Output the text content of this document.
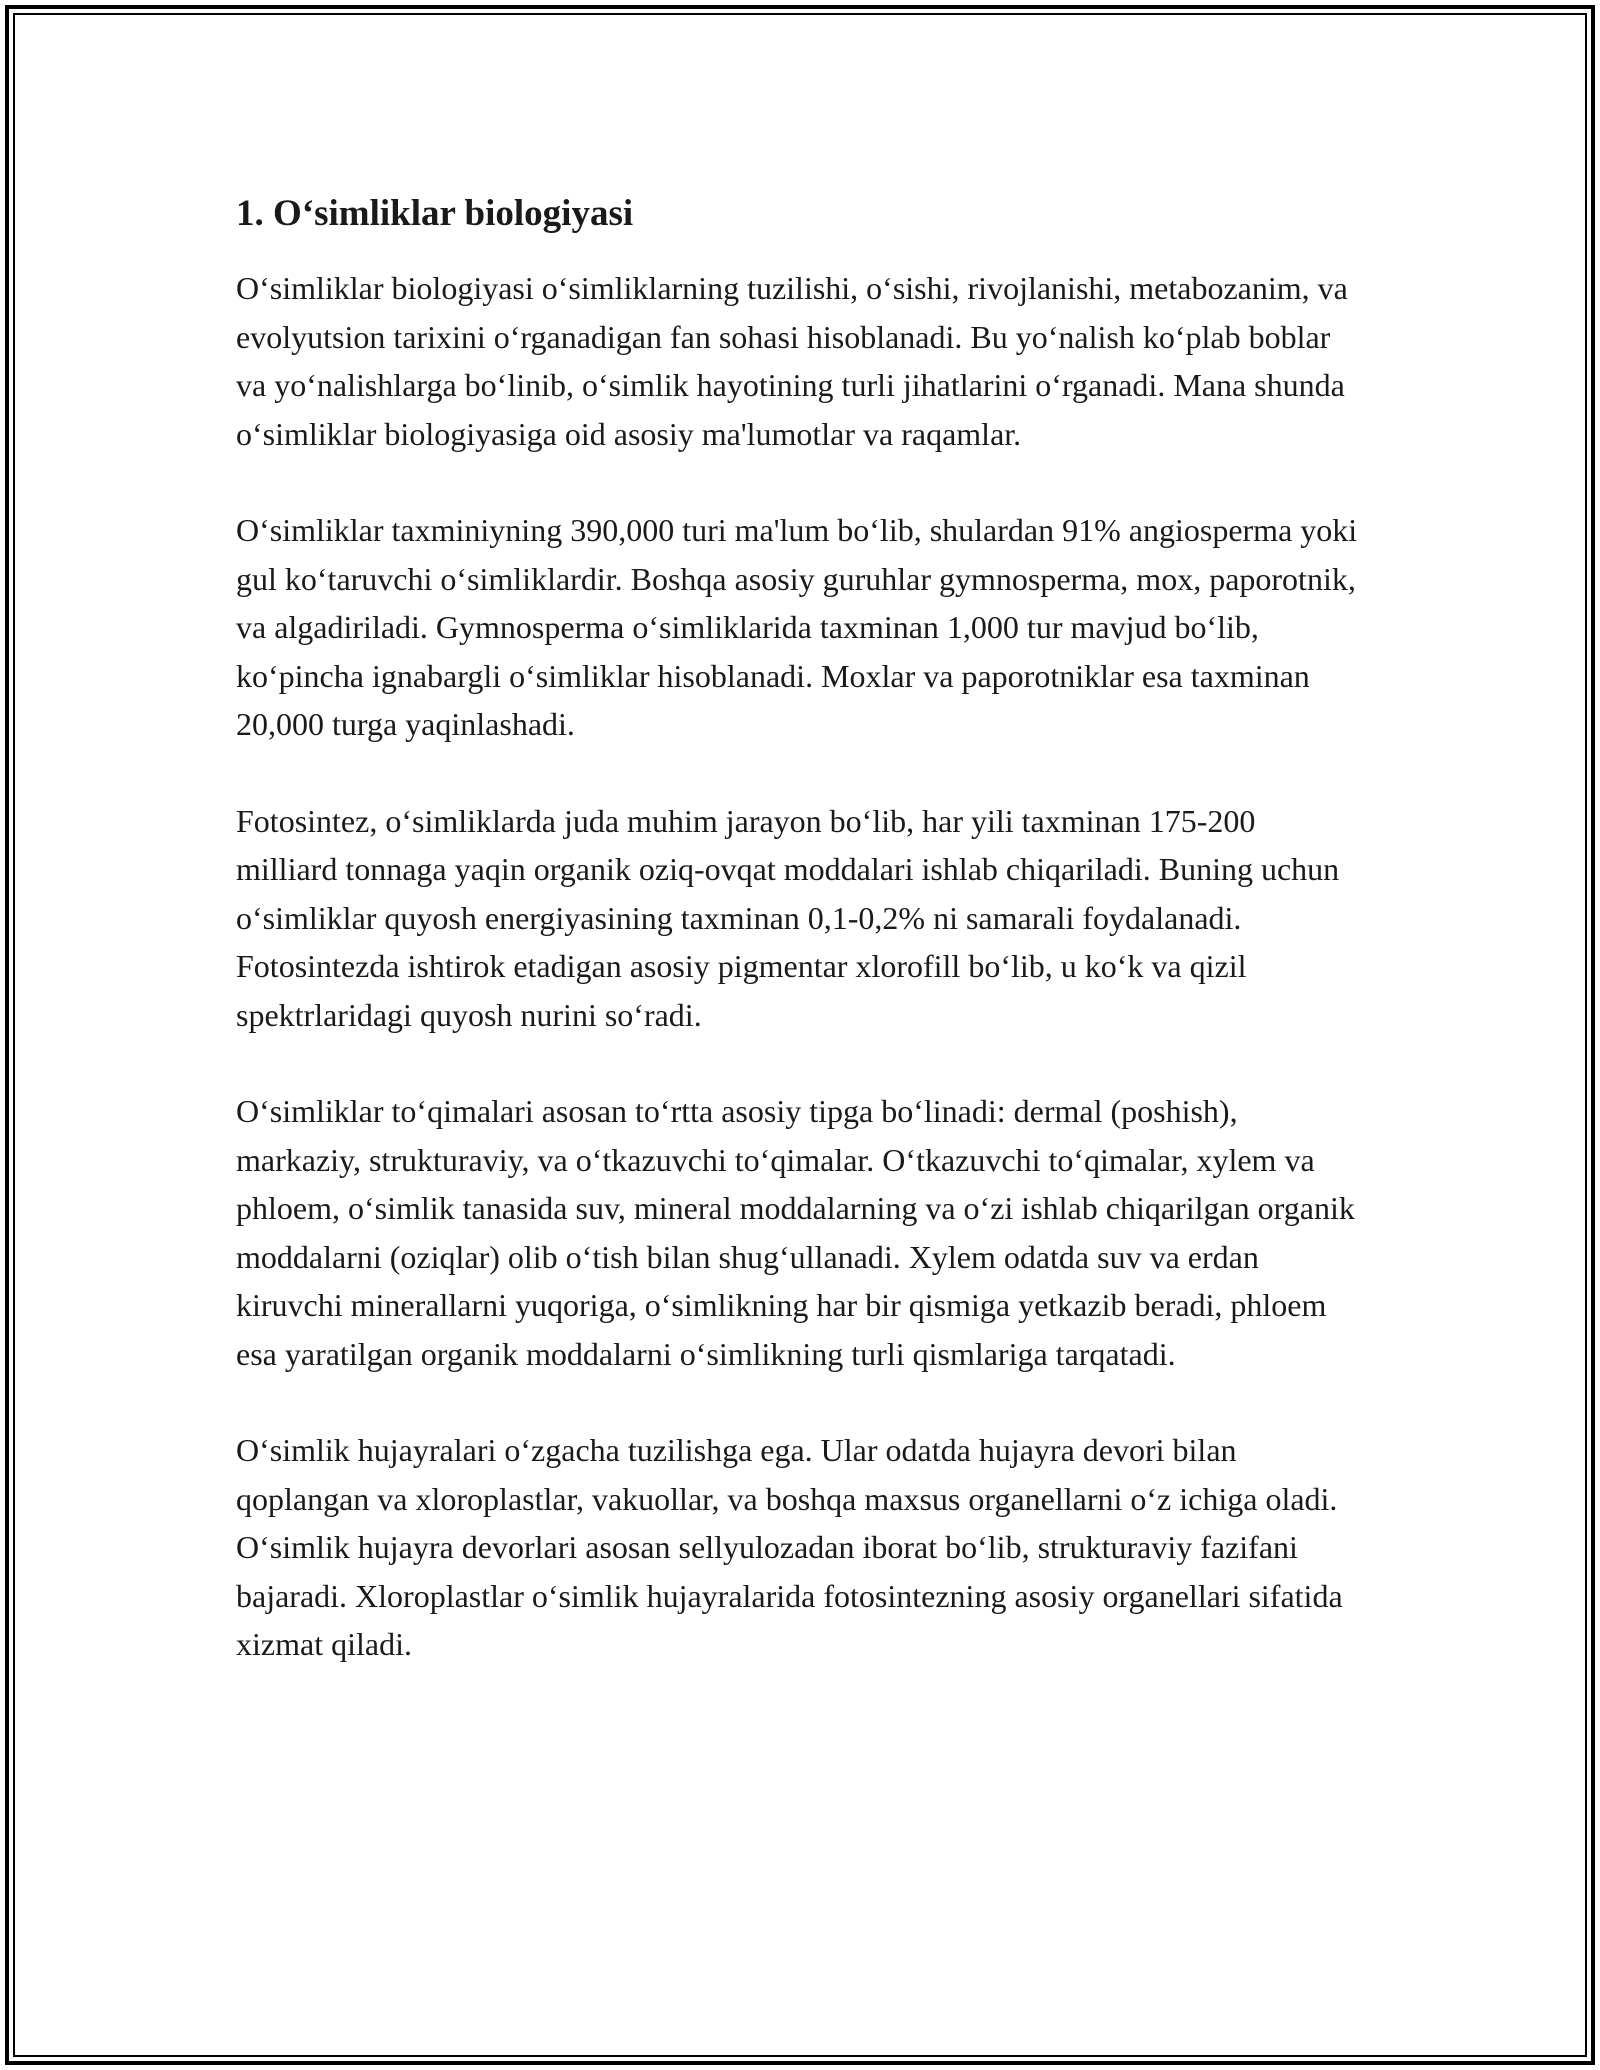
1. O‘simliklar biologiyasi

O‘simliklar biologiyasi o‘simliklarning tuzilishi, o‘sishi, rivojlanishi, metabozanim, va evolyutsion tarixini o‘rganadigan fan sohasi hisoblanadi. Bu yo‘nalish ko‘plab boblar va yo‘nalishlarga bo‘linib, o‘simlik hayotining turli jihatlarini o‘rganadi. Mana shunda o‘simliklar biologiyasiga oid asosiy ma'lumotlar va raqamlar.

O‘simliklar taxminiyning 390,000 turi ma'lum bo‘lib, shulardan 91% angiosperma yoki gul ko‘taruvchi o‘simliklardir. Boshqa asosiy guruhlar gymnosperma, mox, paporotnik, va algadiriladi. Gymnosperma o‘simliklarida taxminan 1,000 tur mavjud bo‘lib, ko‘pincha ignabargli o‘simliklar hisoblanadi. Moxlar va paporotniklar esa taxminan 20,000 turga yaqinlashadi.

Fotosintez, o‘simliklarda juda muhim jarayon bo‘lib, har yili taxminan 175-200 milliard tonnaga yaqin organik oziq-ovqat moddalari ishlab chiqariladi. Buning uchun o‘simliklar quyosh energiyasining taxminan 0,1-0,2% ni samarali foydalanadi. Fotosintezda ishtirok etadigan asosiy pigmentar xlorofill bo‘lib, u ko‘k va qizil spektrlaridagi quyosh nurini so‘radi.

O‘simliklar to‘qimalari asosan to‘rtta asosiy tipga bo‘linadi: dermal (poshish), markaziy, strukturaviy, va o‘tkazuvchi to‘qimalar. O‘tkazuvchi to‘qimalar, xylem va phloem, o‘simlik tanasida suv, mineral moddalarning va o‘zi ishlab chiqarilgan organik moddalarni (oziqlar) olib o‘tish bilan shug‘ullanadi. Xylem odatda suv va erdan kiruvchi minerallarni yuqoriga, o‘simlikning har bir qismiga yetkazib beradi, phloem esa yaratilgan organik moddalarni o‘simlikning turli qismlariga tarqatadi.

O‘simlik hujayralari o‘zgacha tuzilishga ega. Ular odatda hujayra devori bilan qoplangan va xloroplastlar, vakuollar, va boshqa maxsus organellarni o‘z ichiga oladi. O‘simlik hujayra devorlari asosan sellyulozadan iborat bo‘lib, strukturaviy fazifani bajaradi. Xloroplastlar o‘simlik hujayralarida fotosintezning asosiy organellari sifatida xizmat qiladi.
